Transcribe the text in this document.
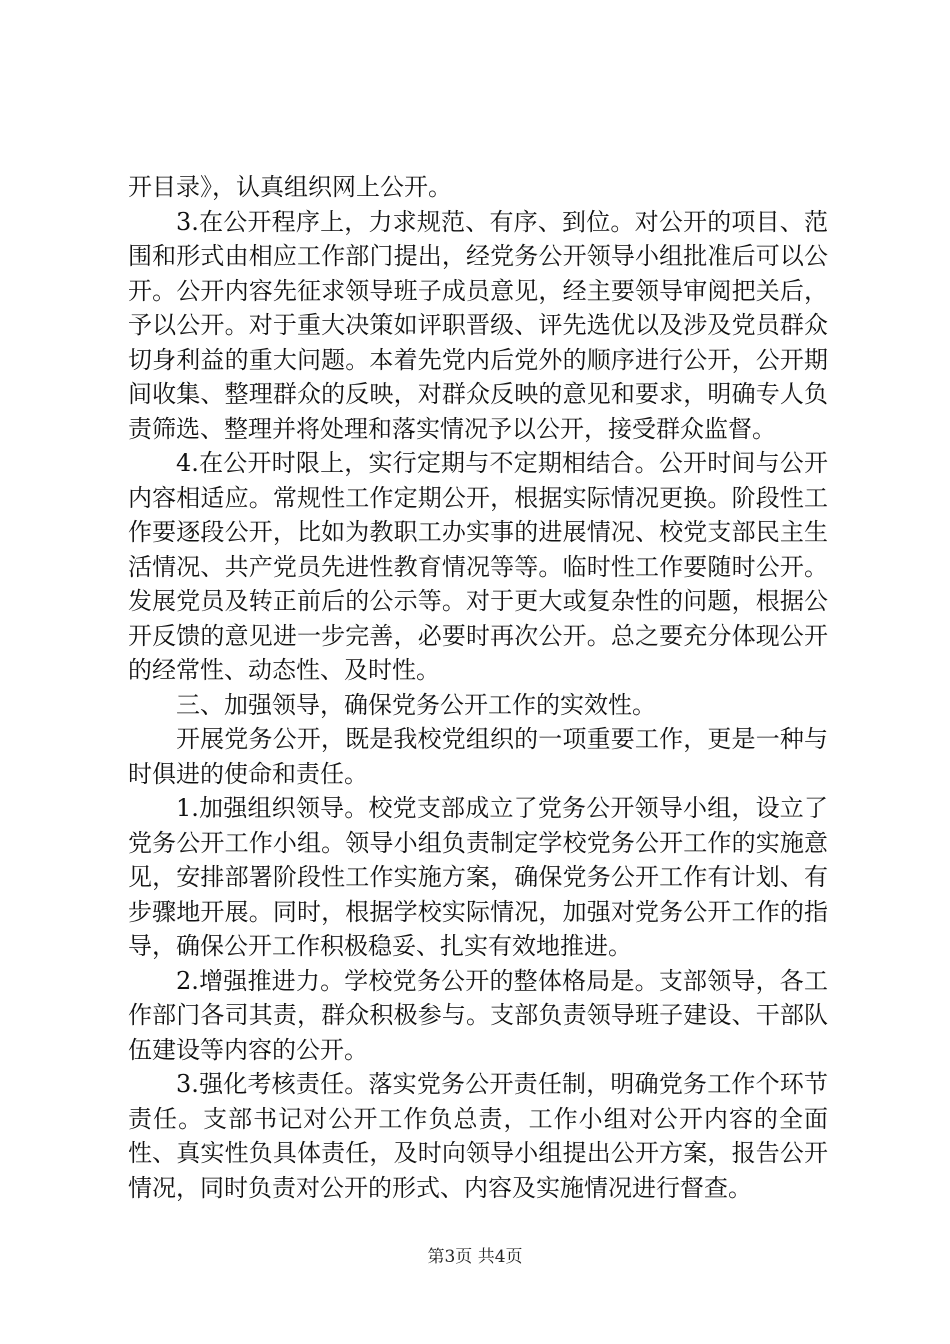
开目录》，认真组织网上公开。

3.在公开程序上，力求规范、有序、到位。对公开的项目、范围和形式由相应工作部门提出，经党务公开领导小组批准后可以公开。公开内容先征求领导班子成员意见，经主要领导审阅把关后，予以公开。对于重大决策如评职晋级、评先选优以及涉及党员群众切身利益的重大问题。本着先党内后党外的顺序进行公开，公开期间收集、整理群众的反映，对群众反映的意见和要求，明确专人负责筛选、整理并将处理和落实情况予以公开，接受群众监督。

4.在公开时限上，实行定期与不定期相结合。公开时间与公开内容相适应。常规性工作定期公开，根据实际情况更换。阶段性工作要逐段公开，比如为教职工办实事的进展情况、校党支部民主生活情况、共产党员先进性教育情况等等。临时性工作要随时公开。发展党员及转正前后的公示等。对于更大或复杂性的问题，根据公开反馈的意见进一步完善，必要时再次公开。总之要充分体现公开的经常性、动态性、及时性。

三、加强领导，确保党务公开工作的实效性。

开展党务公开，既是我校党组织的一项重要工作，更是一种与时俱进的使命和责任。

1.加强组织领导。校党支部成立了党务公开领导小组，设立了党务公开工作小组。领导小组负责制定学校党务公开工作的实施意见，安排部署阶段性工作实施方案，确保党务公开工作有计划、有步骤地开展。同时，根据学校实际情况，加强对党务公开工作的指导，确保公开工作积极稳妥、扎实有效地推进。

2.增强推进力。学校党务公开的整体格局是。支部领导，各工作部门各司其责，群众积极参与。支部负责领导班子建设、干部队伍建设等内容的公开。

3.强化考核责任。落实党务公开责任制，明确党务工作个环节责任。支部书记对公开工作负总责，工作小组对公开内容的全面性、真实性负具体责任，及时向领导小组提出公开方案，报告公开情况，同时负责对公开的形式、内容及实施情况进行督查。

第3页 共4页
